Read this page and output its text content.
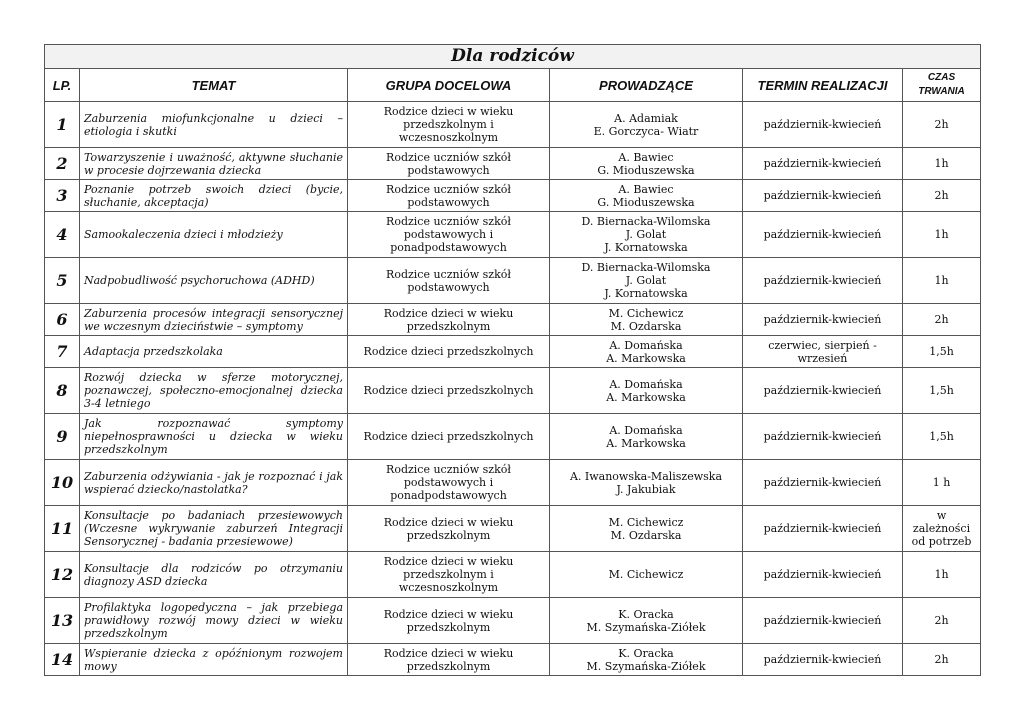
Dla rodziców					
LP.	TEMAT	GRUPA DOCELOWA	PROWADZĄCE	TERMIN REALIZACJI	CZAS
TRWANIA

1	Zaburzenia miofunkcjonalne u dzieci – etiologia i skutki	Rodzice dzieci w wieku
przedszkolnym i
wczesnoszkolnym	A. Adamiak
E. Gorczyca- Wiatr	październik-kwiecień	2h

2	Towarzyszenie i uważność, aktywne słuchanie w procesie dojrzewania dziecka	Rodzice uczniów szkół
podstawowych	A. Bawiec
G. Mioduszewska	październik-kwiecień	1h

3	Poznanie potrzeb swoich dzieci (bycie, słuchanie, akceptacja)	Rodzice uczniów szkół
podstawowych	A. Bawiec
G. Mioduszewska	październik-kwiecień	2h

4	Samookaleczenia dzieci i młodzieży	Rodzice uczniów szkół
podstawowych i
ponadpodstawowych	D. Biernacka-Wilomska
J. Golat
J. Kornatowska	październik-kwiecień	1h

5	Nadpobudliwość psychoruchowa (ADHD)	Rodzice uczniów szkół
podstawowych	D. Biernacka-Wilomska
J. Golat
J. Kornatowska	październik-kwiecień	1h

6	Zaburzenia procesów integracji sensorycznej we wczesnym dzieciństwie – symptomy	Rodzice dzieci w wieku
przedszkolnym	M. Cichewicz
M. Ozdarska	październik-kwiecień	2h

7	Adaptacja przedszkolaka	Rodzice dzieci przedszkolnych	A. Domańska
A. Markowska	czerwiec, sierpień -
wrzesień	1,5h

8	Rozwój dziecka w sferze motorycznej, poznawczej, społeczno-emocjonalnej dziecka 3-4 letniego	Rodzice dzieci przedszkolnych	A. Domańska
A. Markowska	październik-kwiecień	1,5h

9	Jak rozpoznawać symptomy niepełnosprawności u dziecka w wieku przedszkolnym	Rodzice dzieci przedszkolnych	A. Domańska
A. Markowska	październik-kwiecień	1,5h

10	Zaburzenia odżywiania - jak je rozpoznać i jak wspierać dziecko/nastolatka?	Rodzice uczniów szkół
podstawowych i
ponadpodstawowych	A. Iwanowska-Maliszewska
J. Jakubiak	październik-kwiecień	1 h

11	Konsultacje po badaniach przesiewowych (Wczesne wykrywanie zaburzeń Integracji Sensorycznej - badania przesiewowe)	Rodzice dzieci w wieku
przedszkolnym	M. Cichewicz
M. Ozdarska	październik-kwiecień	w zależności
od potrzeb

12	Konsultacje dla rodziców po otrzymaniu diagnozy ASD dziecka	Rodzice dzieci w wieku
przedszkolnym i
wczesnoszkolnym	M. Cichewicz	październik-kwiecień	1h

13	Profilaktyka logopedyczna – jak przebiega prawidłowy rozwój mowy dzieci w wieku przedszkolnym	Rodzice dzieci w wieku
przedszkolnym	K. Oracka
M. Szymańska-Ziółek	październik-kwiecień	2h

14	Wspieranie dziecka z opóźnionym rozwojem mowy	Rodzice dzieci w wieku
przedszkolnym	K. Oracka
M. Szymańska-Ziółek	październik-kwiecień	2h
